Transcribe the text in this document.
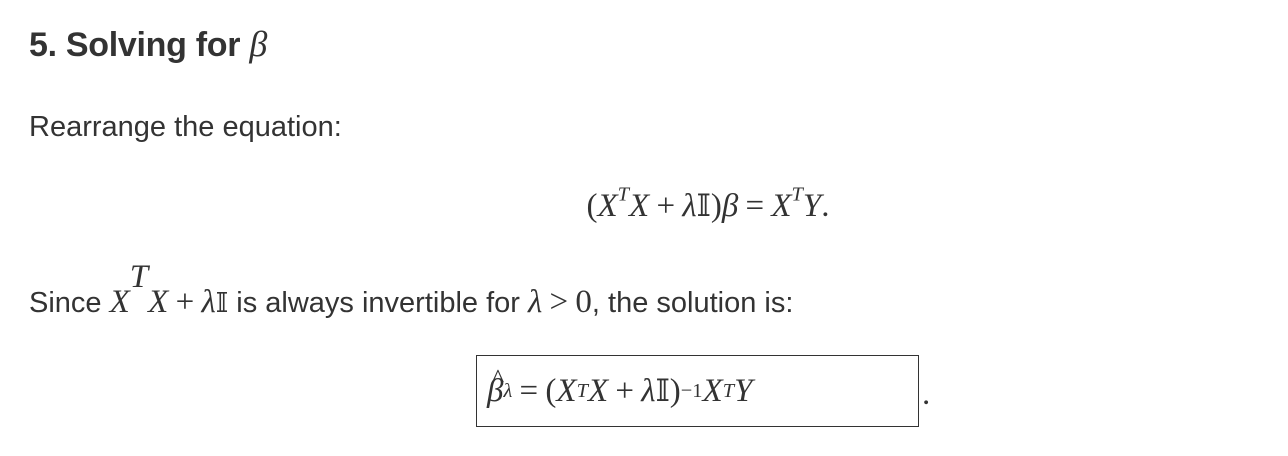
5. Solving for β

Rearrange the equation:

($X^TX$ + λ𝕀)β = $X^TY$.

Since $X^TX$ + λ𝕀 is always invertible for λ > 0, the solution is:

^ β λ = ( X T X + λ 𝕀 ) −1 X T Y	.
